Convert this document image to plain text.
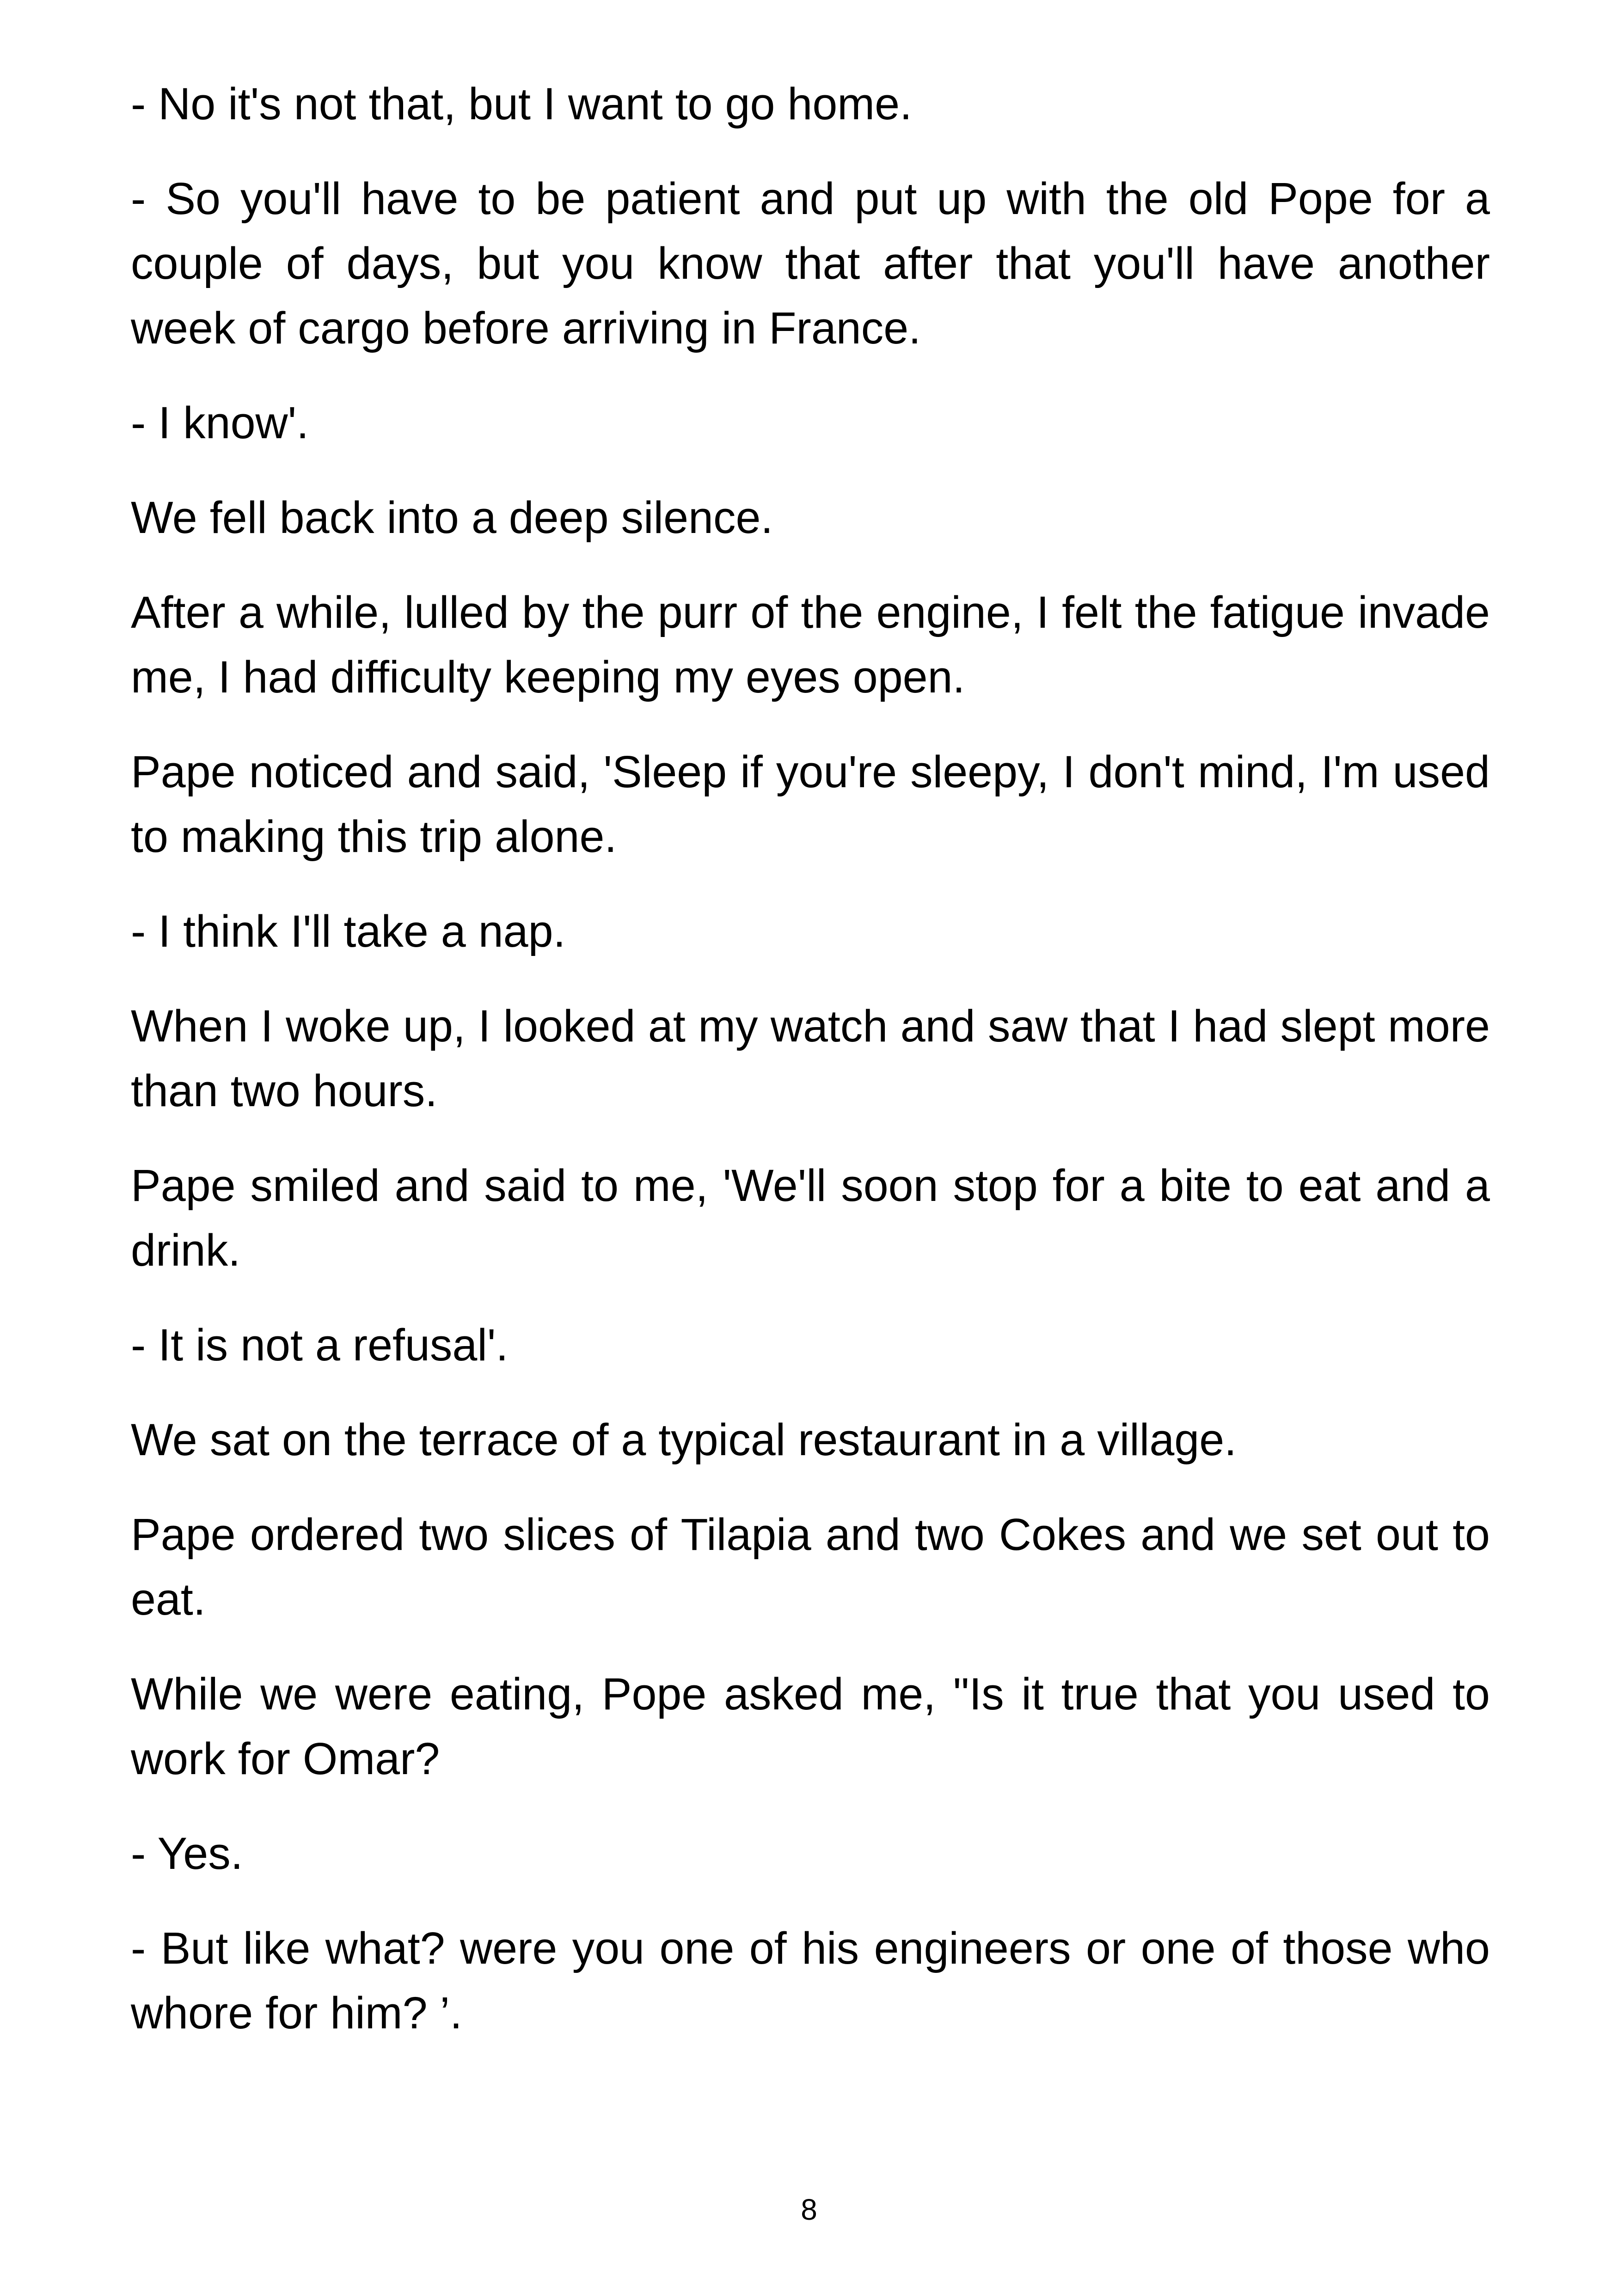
- No it's not that, but I want to go home.

- So you'll have to be patient and put up with the old Pope for a couple of days, but you know that after that you'll have another week of cargo before arriving in France.

- I know'.

We fell back into a deep silence.

After a while, lulled by the purr of the engine, I felt the fatigue invade me, I had difficulty keeping my eyes open.

Pape noticed and said, 'Sleep if you're sleepy, I don't mind, I'm used to making this trip alone.

- I think I'll take a nap.

When I woke up, I looked at my watch and saw that I had slept more than two hours.

Pape smiled and said to me, 'We'll soon stop for a bite to eat and a drink.

- It is not a refusal'.

We sat on the terrace of a typical restaurant in a village.

Pape ordered two slices of Tilapia and two Cokes and we set out to eat.

While we were eating, Pope asked me, "Is it true that you used to work for Omar?

- Yes.

- But like what? were you one of his engineers or one of those who whore for him? ’.

8
